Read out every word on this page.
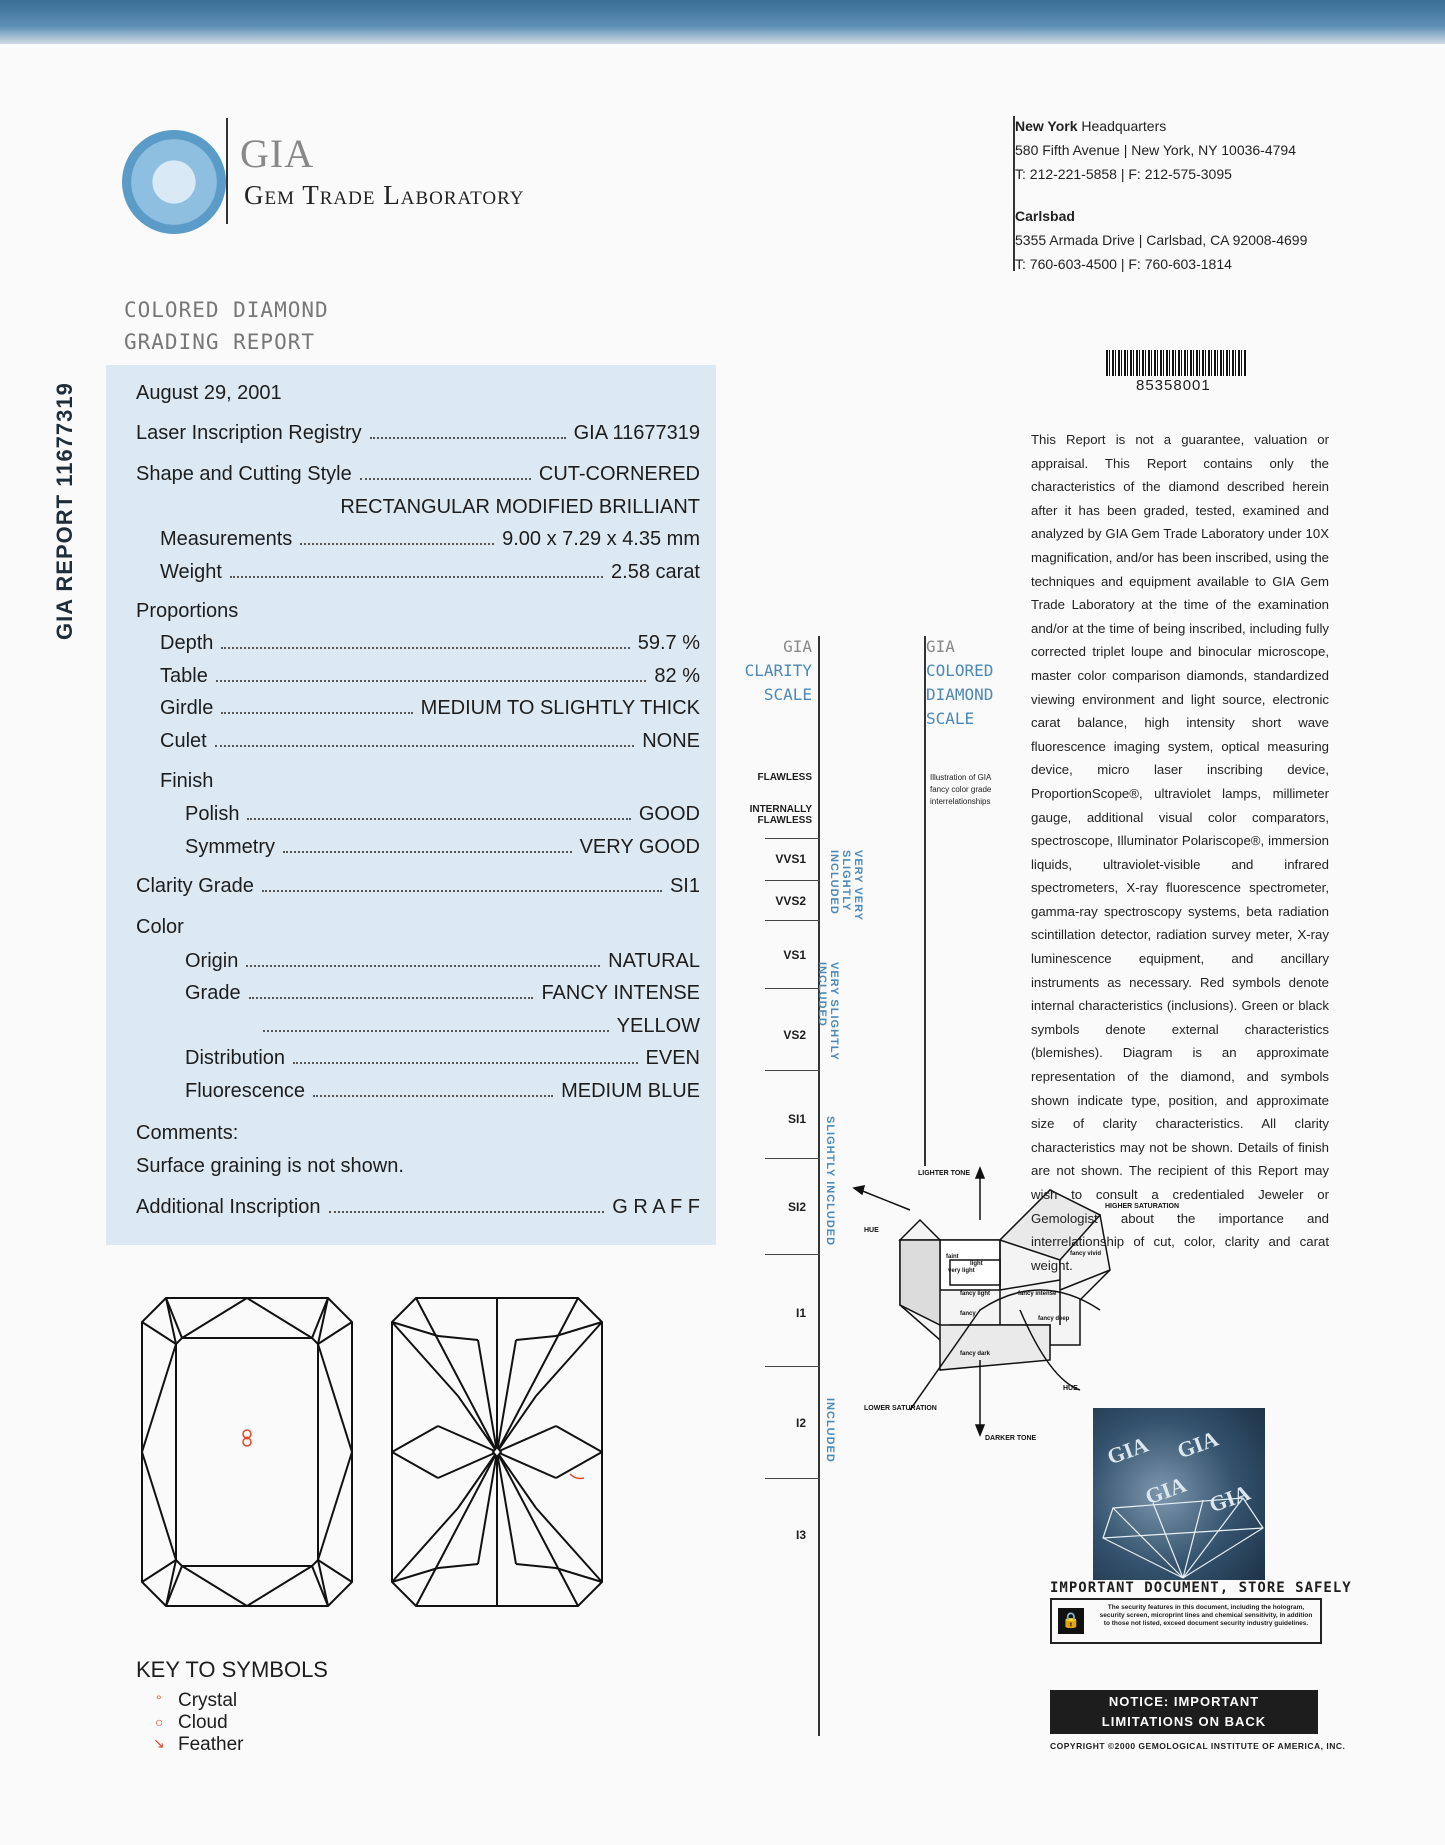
GIA
Gem Trade Laboratory
New York Headquarters
580 Fifth Avenue | New York, NY 10036-4794
T: 212-221-5858 | F: 212-575-3095
Carlsbad
5355 Armada Drive | Carlsbad, CA 92008-4699
T: 760-603-4500 | F: 760-603-1814
COLORED DIAMOND
GRADING REPORT
GIA REPORT 11677319	85358001
August 29, 2001
Laser Inscription Registry	GIA 11677319
Shape and Cutting Style	CUT-CORNERED
RECTANGULAR MODIFIED BRILLIANT
Measurements	9.00 x 7.29 x 4.35 mm
Weight	2.58 carat
Proportions
Depth	59.7 %
Table	82 %
Girdle	MEDIUM TO SLIGHTLY THICK
Culet	NONE
Finish
Polish	GOOD
Symmetry	VERY GOOD
Clarity Grade	SI1
Color
Origin	NATURAL
Grade	FANCY INTENSE
YELLOW
Distribution	EVEN
Fluorescence	MEDIUM BLUE
Comments:
Surface graining is not shown.
Additional Inscription	G R A F F
KEY TO SYMBOLS
° Crystal
○ Cloud
↘ Feather
GIA
CLARITY
SCALE
FLAWLESS
INTERNALLY FLAWLESS
VVS1
VVS2
VS1
VS2
SI1
SI2
I1
I2
I3
VERY VERY SLIGHTLY INCLUDED
VERY SLIGHTLY INCLUDED
SLIGHTLY INCLUDED
INCLUDED
GIA
COLORED
DIAMOND
SCALE
Illustration of GIA fancy color grade interrelationships
LIGHTER TONE
DARKER TONE
HUE
HUE
HIGHER SATURATION
LOWER SATURATION
faint
very light
light
fancy light
fancy
fancy intense
fancy vivid
fancy deep
fancy dark
This Report is not a guarantee, valuation or appraisal. This Report contains only the characteristics of the diamond described herein after it has been graded, tested, examined and analyzed by GIA Gem Trade Laboratory under 10X magnification, and/or has been inscribed, using the techniques and equipment available to GIA Gem Trade Laboratory at the time of the examination and/or at the time of being inscribed, including fully corrected triplet loupe and binocular microscope, master color comparison diamonds, standardized viewing environment and light source, electronic carat balance, high intensity short wave fluorescence imaging system, optical measuring device, micro laser inscribing device, ProportionScope®, ultraviolet lamps, millimeter gauge, additional visual color comparators, spectroscope, Illuminator Polariscope®, immersion liquids, ultraviolet-visible and infrared spectrometers, X-ray fluorescence spectrometer, gamma-ray spectroscopy systems, beta radiation scintillation detector, radiation survey meter, X-ray luminescence equipment, and ancillary instruments as necessary. Red symbols denote internal characteristics (inclusions). Green or black symbols denote external characteristics (blemishes). Diagram is an approximate representation of the diamond, and symbols shown indicate type, position, and approximate size of clarity characteristics. All clarity characteristics may not be shown. Details of finish are not shown. The recipient of this Report may wish to consult a credentialed Jeweler or Gemologist about the importance and interrelationship of cut, color, clarity and carat weight.
GIA GIA
GIA GIA
IMPORTANT DOCUMENT, STORE SAFELY
🔒
The security features in this document, including the hologram, security screen, microprint lines and chemical sensitivity, in addition to those not listed, exceed document security industry guidelines.
NOTICE: IMPORTANT
LIMITATIONS ON BACK
COPYRIGHT ©2000 GEMOLOGICAL INSTITUTE OF AMERICA, INC.
